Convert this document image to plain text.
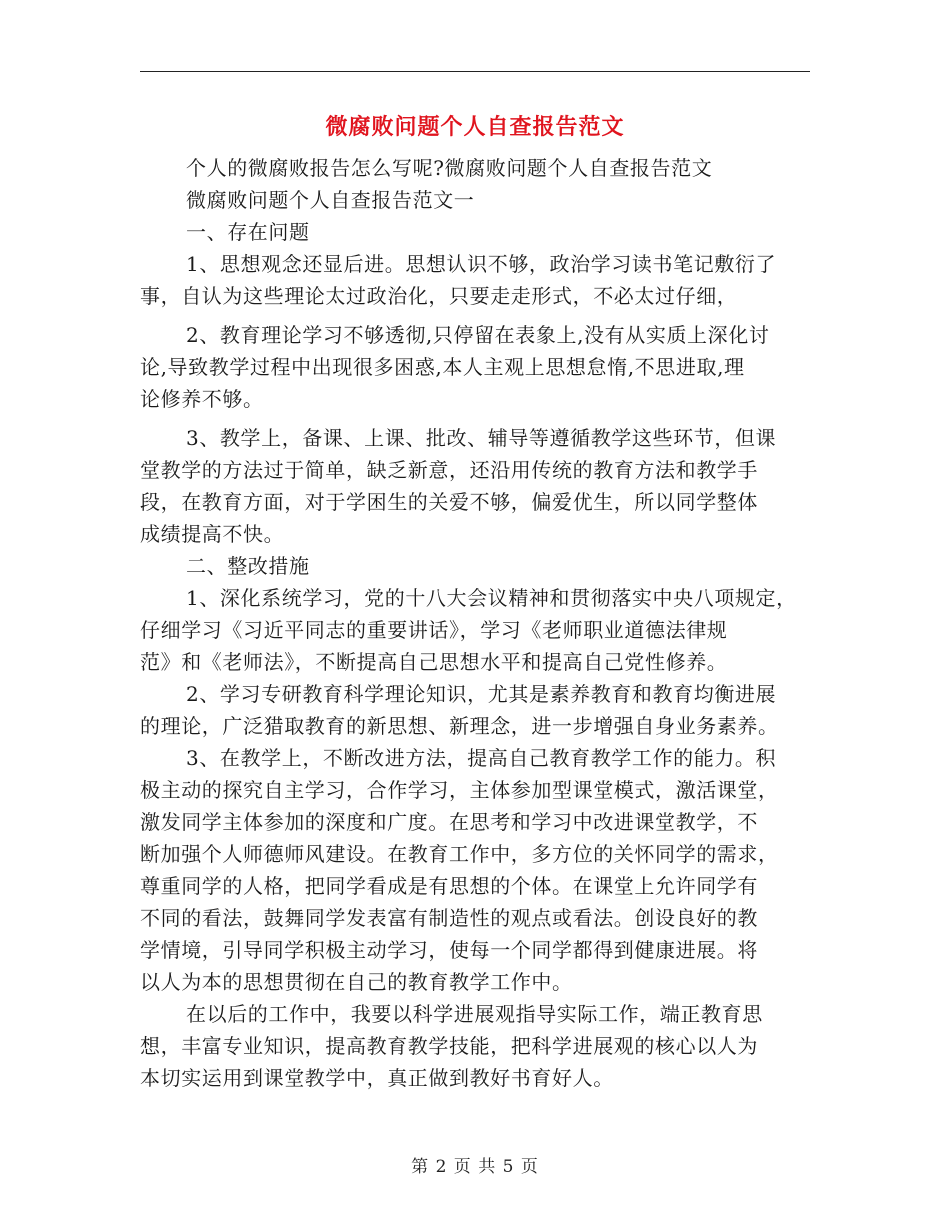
微腐败问题个人自查报告范文
个人的微腐败报告怎么写呢?微腐败问题个人自查报告范文
微腐败问题个人自查报告范文一
一、存在问题
1、思想观念还显后进。思想认识不够，政治学习读书笔记敷衍了
事，自认为这些理论太过政治化，只要走走形式，不必太过仔细，
2、教育理论学习不够透彻,只停留在表象上,没有从实质上深化讨
论,导致教学过程中出现很多困惑,本人主观上思想怠惰,不思进取,理
论修养不够。
3、教学上，备课、上课、批改、辅导等遵循教学这些环节，但课
堂教学的方法过于简单，缺乏新意，还沿用传统的教育方法和教学手
段，在教育方面，对于学困生的关爱不够，偏爱优生，所以同学整体
成绩提高不快。
二、整改措施
1、深化系统学习，党的十八大会议精神和贯彻落实中央八项规定，
仔细学习《习近平同志的重要讲话》，学习《老师职业道德法律规
范》和《老师法》，不断提高自己思想水平和提高自己党性修养。
2、学习专研教育科学理论知识，尤其是素养教育和教育均衡进展
的理论，广泛猎取教育的新思想、新理念，进一步增强自身业务素养。
3、在教学上，不断改进方法，提高自己教育教学工作的能力。积
极主动的探究自主学习，合作学习，主体参加型课堂模式，激活课堂，
激发同学主体参加的深度和广度。在思考和学习中改进课堂教学，不
断加强个人师德师风建设。在教育工作中，多方位的关怀同学的需求，
尊重同学的人格，把同学看成是有思想的个体。在课堂上允许同学有
不同的看法，鼓舞同学发表富有制造性的观点或看法。创设良好的教
学情境，引导同学积极主动学习，使每一个同学都得到健康进展。将
以人为本的思想贯彻在自己的教育教学工作中。
在以后的工作中，我要以科学进展观指导实际工作，端正教育思
想，丰富专业知识，提高教育教学技能，把科学进展观的核心以人为
本切实运用到课堂教学中，真正做到教好书育好人。
第 2 页 共 5 页
